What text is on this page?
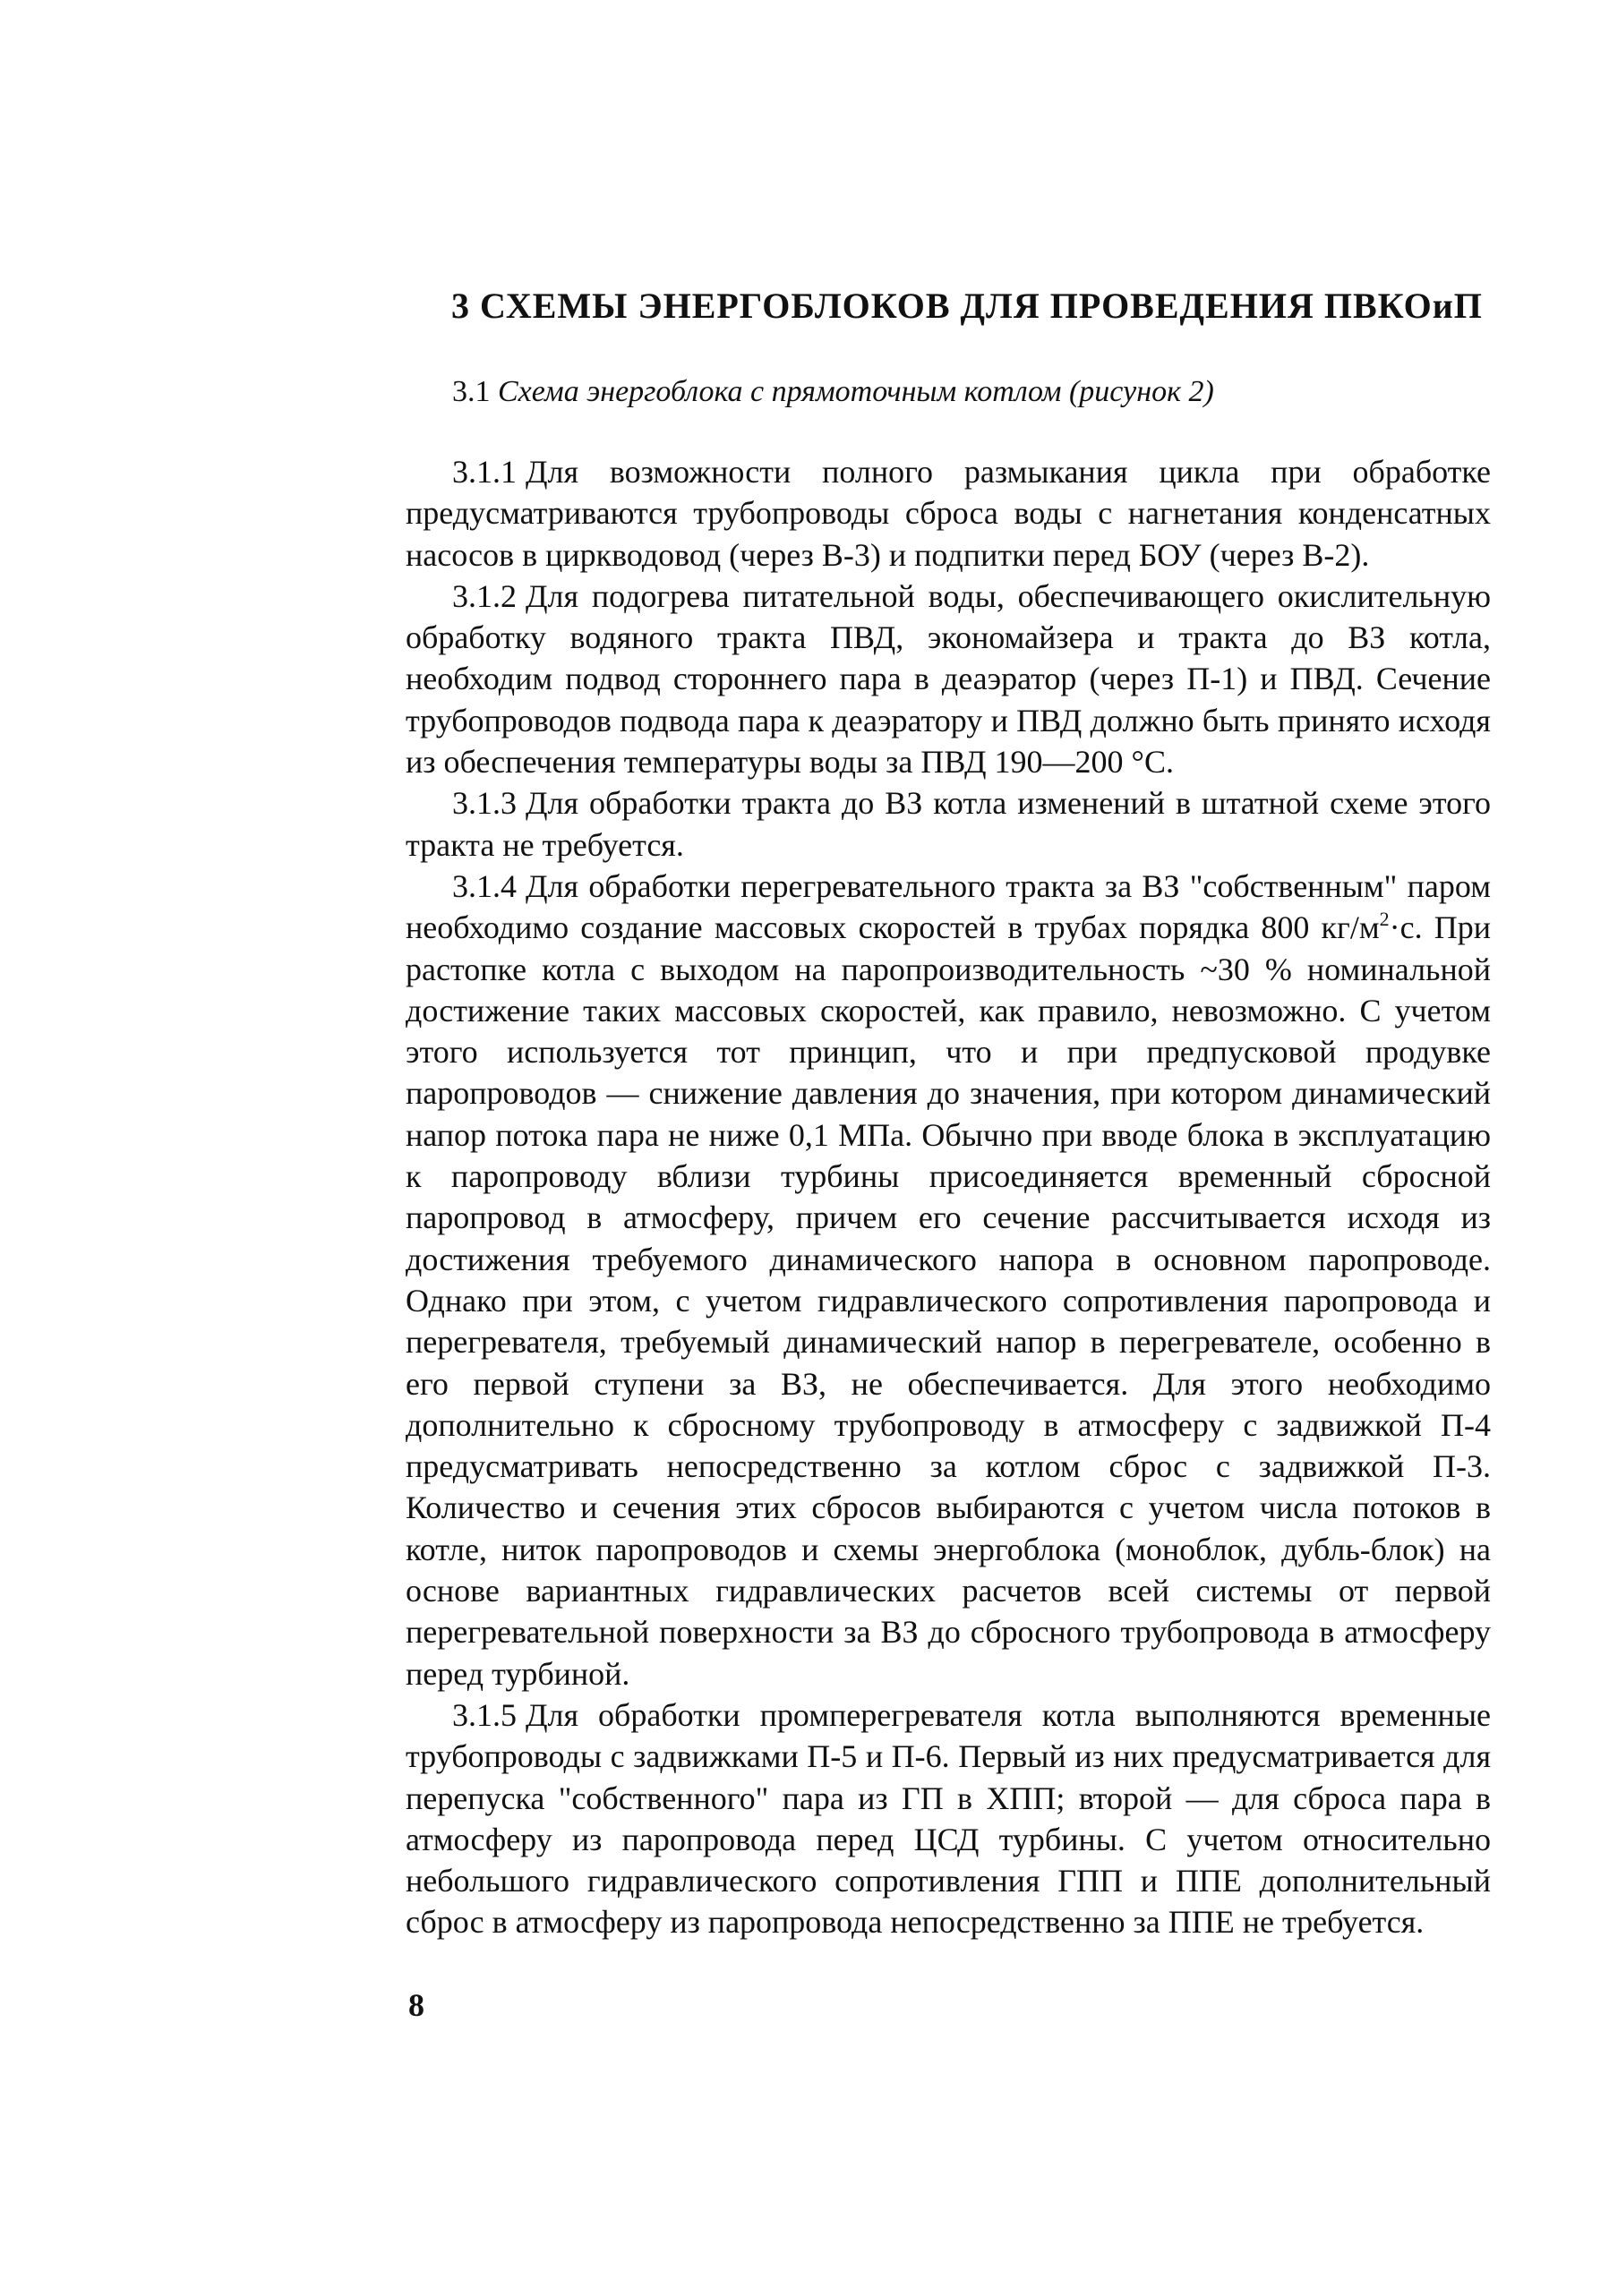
3 СХЕМЫ ЭНЕРГОБЛОКОВ ДЛЯ ПРОВЕДЕНИЯ ПВКОиП

3.1 Схема энергоблока с прямоточным котлом (рисунок 2)

3.1.1 Для возможности полного размыкания цикла при обработке предусматриваются трубопроводы сброса воды с нагнетания конденсатных насосов в циркводовод (через В-3) и подпитки перед БОУ (через В-2).

3.1.2 Для подогрева питательной воды, обеспечивающего окислительную обработку водяного тракта ПВД, экономайзера и тракта до ВЗ котла, необходим подвод стороннего пара в деаэратор (через П-1) и ПВД. Сечение трубопроводов подвода пара к деаэратору и ПВД должно быть принято исходя из обеспечения температуры воды за ПВД 190—200 °С.

3.1.3 Для обработки тракта до ВЗ котла изменений в штатной схеме этого тракта не требуется.

3.1.4 Для обработки перегревательного тракта за ВЗ "собственным" паром необходимо создание массовых скоростей в трубах порядка 800 $кг/м^2\cdot с$. При растопке котла с выходом на паропроизводительность ~30 % номинальной достижение таких массовых скоростей, как правило, невозможно. С учетом этого используется тот принцип, что и при предпусковой продувке паропроводов — снижение давления до значения, при котором динамический напор потока пара не ниже 0,1 МПа. Обычно при вводе блока в эксплуатацию к паропроводу вблизи турбины присоединяется временный сбросной паропровод в атмосферу, причем его сечение рассчитывается исходя из достижения требуемого динамического напора в основном паропроводе. Однако при этом, с учетом гидравлического сопротивления паропровода и перегревателя, требуемый динамический напор в перегревателе, особенно в его первой ступени за ВЗ, не обеспечивается. Для этого необходимо дополнительно к сбросному трубопроводу в атмосферу с задвижкой П-4 предусматривать непосредственно за котлом сброс с задвижкой П-3. Количество и сечения этих сбросов выбираются с учетом числа потоков в котле, ниток паропроводов и схемы энергоблока (моноблок, дубль-блок) на основе вариантных гидравлических расчетов всей системы от первой перегревательной поверхности за ВЗ до сбросного трубопровода в атмосферу перед турбиной.

3.1.5 Для обработки промперегревателя котла выполняются временные трубопроводы с задвижками П-5 и П-6. Первый из них предусматривается для перепуска "собственного" пара из ГП в ХПП; второй — для сброса пара в атмосферу из паропровода перед ЦСД турбины. С учетом относительно небольшого гидравлического сопротивления ГПП и ППЕ дополнительный сброс в атмосферу из паропровода непосредственно за ППЕ не требуется.

8
